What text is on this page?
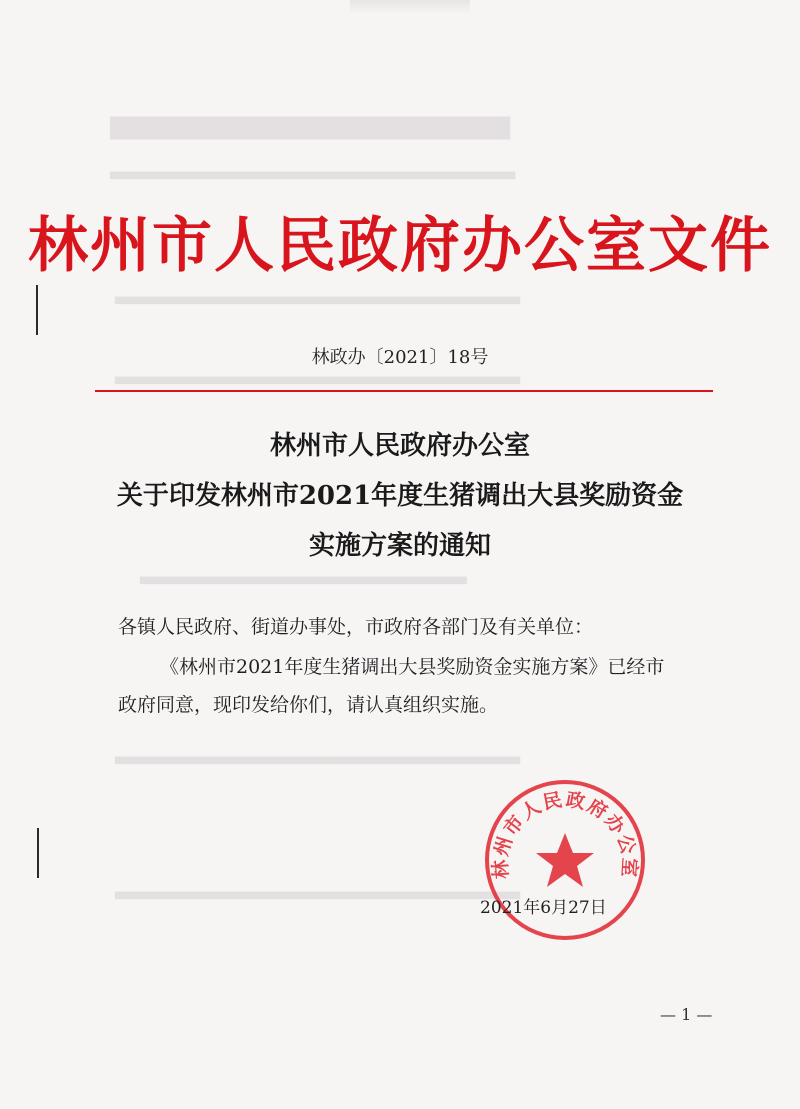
▆▆▆▆▆▆▆▆▆▆▆▆▆▆▆▆▆▆▆▆
▃▃▃▃▃▃▃▃▃▃▃▃▃▃▃▃▃▃▃▃▃▃▃▃▃▃▃▃▃▃▃
▃▃▃▃▃▃▃▃▃▃▃▃▃▃▃▃▃▃▃▃▃▃▃▃▃▃▃▃▃▃▃
▃▃▃▃▃▃▃▃▃▃▃▃▃▃▃▃▃▃▃▃▃▃▃▃▃▃▃▃▃▃▃
▃▃▃▃▃▃▃▃▃▃▃▃▃▃▃▃▃▃▃▃▃▃▃▃▃
▃▃▃▃▃▃▃▃▃▃▃▃▃▃▃▃▃▃▃▃▃▃▃▃▃▃▃▃▃▃▃
▃▃▃▃▃▃▃▃▃▃▃▃▃▃▃▃▃▃▃▃▃▃▃▃▃▃▃▃▃▃▃
林州市人民政府办公室文件
林政办〔2021〕18号
林州市人民政府办公室
关于印发林州市2021年度生猪调出大县奖励资金
实施方案的通知
各镇人民政府、街道办事处，市政府各部门及有关单位：
《林州市2021年度生猪调出大县奖励资金实施方案》已经市
政府同意，现印发给你们，请认真组织实施。
林州市人民政府办公室
2021年6月27日
— 1 —
